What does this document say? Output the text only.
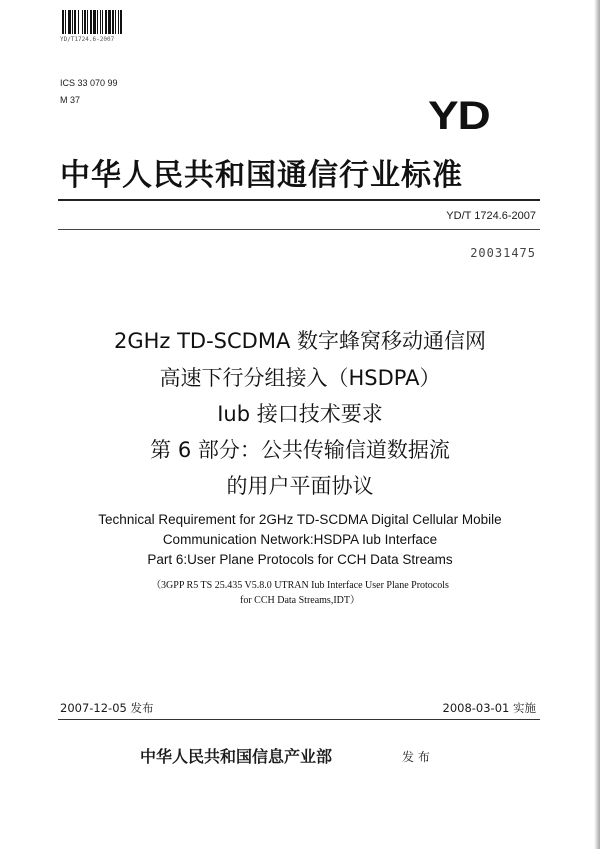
YD/T1724.6-2007
ICS 33 070 99
M 37	YD
中华人民共和国通信行业标准
YD/T 1724.6-2007
20031475
2GHz TD-SCDMA 数字蜂窝移动通信网
高速下行分组接入（HSDPA）
Iub 接口技术要求
第 6 部分：公共传输信道数据流
的用户平面协议
Technical Requirement for 2GHz TD-SCDMA Digital Cellular Mobile
Communication Network:HSDPA Iub Interface
Part 6:User Plane Protocols for CCH Data Streams
（3GPP R5 TS 25.435 V5.8.0 UTRAN Iub Interface User Plane Protocols
for CCH Data Streams,IDT）
2007-12-05 发布	2008-03-01 实施
中华人民共和国信息产业部	发 布
